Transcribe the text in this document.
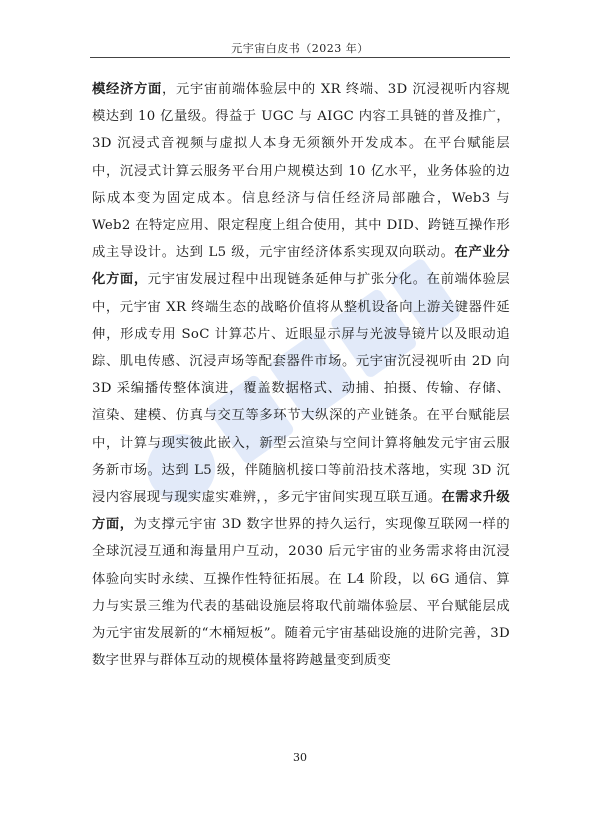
元宇宙白皮书（2023 年）

模经济方面，元宇宙前端体验层中的 XR 终端、3D 沉浸视听内容规模达到 10 亿量级。得益于 UGC 与 AIGC 内容工具链的普及推广，3D 沉浸式音视频与虚拟人本身无须额外开发成本。在平台赋能层中，沉浸式计算云服务平台用户规模达到 10 亿水平，业务体验的边际成本变为固定成本。信息经济与信任经济局部融合，Web3 与 Web2 在特定应用、限定程度上组合使用，其中 DID、跨链互操作形成主导设计。达到 L5 级，元宇宙经济体系实现双向联动。在产业分化方面，元宇宙发展过程中出现链条延伸与扩张分化。在前端体验层中，元宇宙 XR 终端生态的战略价值将从整机设备向上游关键器件延伸，形成专用 SoC 计算芯片、近眼显示屏与光波导镜片以及眼动追踪、肌电传感、沉浸声场等配套器件市场。元宇宙沉浸视听由 2D 向 3D 采编播传整体演进，覆盖数据格式、动捕、拍摄、传输、存储、渲染、建模、仿真与交互等多环节大纵深的产业链条。在平台赋能层中，计算与现实彼此嵌入，新型云渲染与空间计算将触发元宇宙云服务新市场。达到 L5 级，伴随脑机接口等前沿技术落地，实现 3D 沉浸内容展现与现实虚实难辨，，多元宇宙间实现互联互通。在需求升级方面，为支撑元宇宙 3D 数字世界的持久运行，实现像互联网一样的全球沉浸互通和海量用户互动，2030 后元宇宙的业务需求将由沉浸体验向实时永续、互操作性特征拓展。在 L4 阶段，以 6G 通信、算力与实景三维为代表的基础设施层将取代前端体验层、平台赋能层成为元宇宙发展新的“木桶短板”。随着元宇宙基础设施的进阶完善，3D 数字世界与群体互动的规模体量将跨越量变到质变

30
